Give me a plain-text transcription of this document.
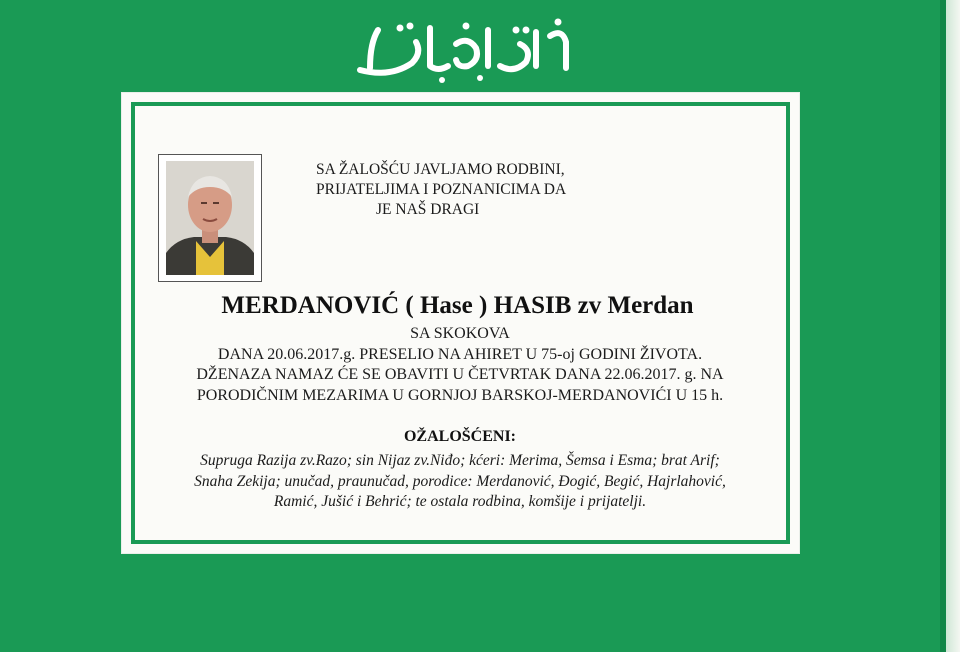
SA ŽALOŠĆU JAVLJAMO RODBINI,
PRIJATELJIMA I POZNANICIMA DA
JE NAŠ DRAGI
MERDANOVIĆ ( Hase ) HASIB zv Merdan
SA SKOKOVA
DANA 20.06.2017.g. PRESELIO NA AHIRET U 75-oj GODINI ŽIVOTA.
DŽENAZA NAMAZ ĆE SE OBAVITI U ČETVRTAK DANA 22.06.2017. g. NA
PORODIČNIM MEZARIMA U GORNJOJ BARSKOJ-MERDANOVIĆI U 15 h.
OŽALOŠĆENI:
Supruga Razija zv.Razo; sin Nijaz zv.Niđo; kćeri: Merima, Šemsa i Esma; brat Arif;
Snaha Zekija; unučad, praunučad, porodice: Merdanović, Đogić, Begić, Hajrlahović,
Ramić, Jušić i Behrić; te ostala rodbina, komšije i prijatelji.
